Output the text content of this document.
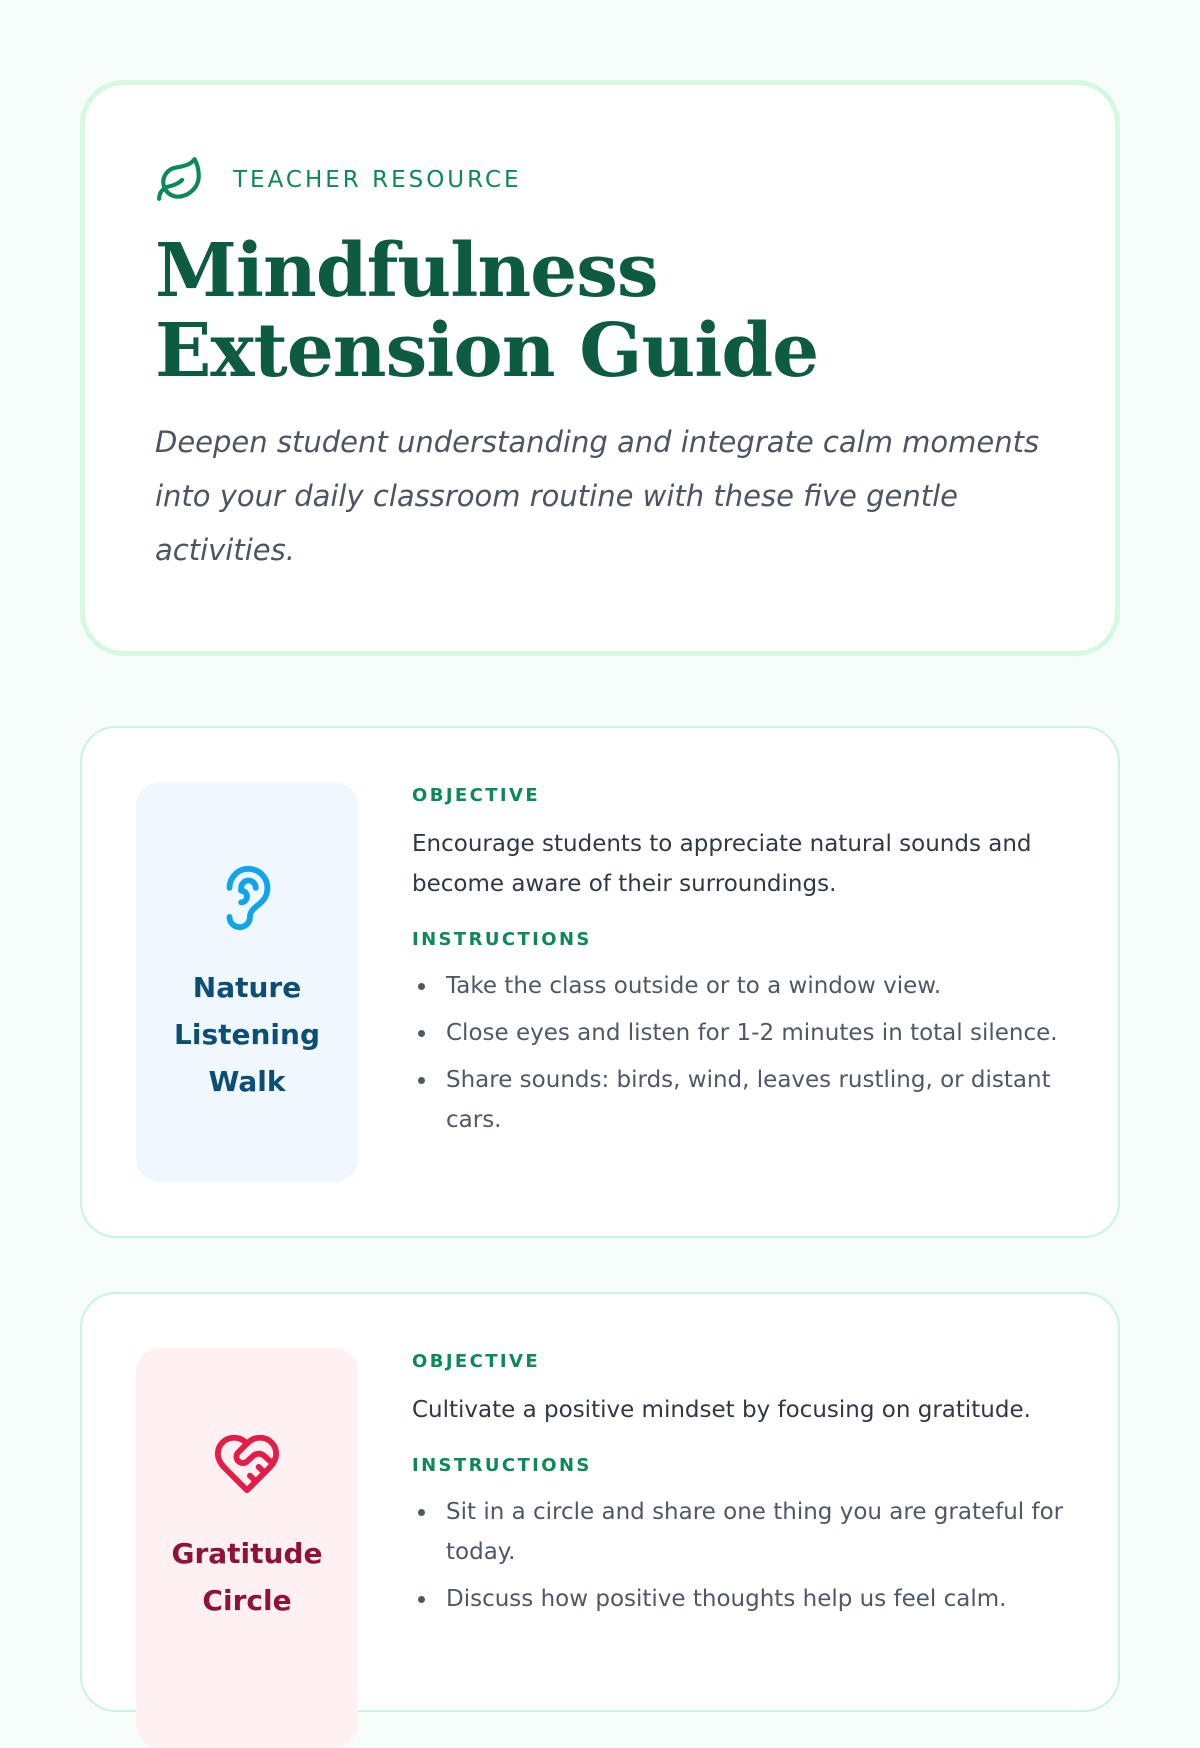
TEACHER RESOURCE
Mindfulness Extension Guide

Deepen student understanding and integrate calm moments into your daily classroom routine with these five gentle activities.

Nature Listening Walk
OBJECTIVE

Encourage students to appreciate natural sounds and become aware of their surroundings.

INSTRUCTIONS
Take the class outside or to a window view.
Close eyes and listen for 1-2 minutes in total silence.
Share sounds: birds, wind, leaves rustling, or distant cars.
Gratitude Circle
OBJECTIVE

Cultivate a positive mindset by focusing on gratitude.

INSTRUCTIONS
Sit in a circle and share one thing you are grateful for today.
Discuss how positive thoughts help us feel calm.
